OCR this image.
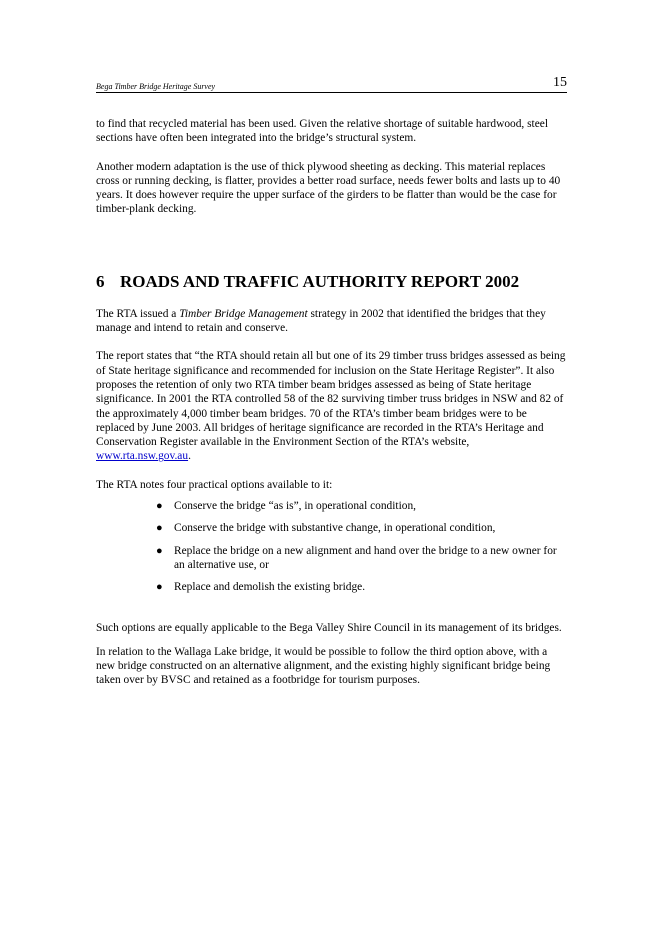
Bega Timber Bridge Heritage Survey	15

to find that recycled material has been used. Given the relative shortage of suitable hardwood, steel sections have often been integrated into the bridge’s structural system.

Another modern adaptation is the use of thick plywood sheeting as decking. This material replaces cross or running decking, is flatter, provides a better road surface, needs fewer bolts and lasts up to 40 years. It does however require the upper surface of the girders to be flatter than would be the case for timber-plank decking.

6 ROADS AND TRAFFIC AUTHORITY REPORT 2002

The RTA issued a Timber Bridge Management strategy in 2002 that identified the bridges that they manage and intend to retain and conserve.

The report states that “the RTA should retain all but one of its 29 timber truss bridges assessed as being of State heritage significance and recommended for inclusion on the State Heritage Register”. It also proposes the retention of only two RTA timber beam bridges assessed as being of State heritage significance. In 2001 the RTA controlled 58 of the 82 surviving timber truss bridges in NSW and 82 of the approximately 4,000 timber beam bridges. 70 of the RTA’s timber beam bridges were to be replaced by June 2003. All bridges of heritage significance are recorded in the RTA’s Heritage and Conservation Register available in the Environment Section of the RTA’s website, www.rta.nsw.gov.au.

The RTA notes four practical options available to it:

● Conserve the bridge “as is”, in operational condition,
● Conserve the bridge with substantive change, in operational condition,
● Replace the bridge on a new alignment and hand over the bridge to a new owner for an alternative use, or
● Replace and demolish the existing bridge.

Such options are equally applicable to the Bega Valley Shire Council in its management of its bridges.

In relation to the Wallaga Lake bridge, it would be possible to follow the third option above, with a new bridge constructed on an alternative alignment, and the existing highly significant bridge being taken over by BVSC and retained as a footbridge for tourism purposes.
